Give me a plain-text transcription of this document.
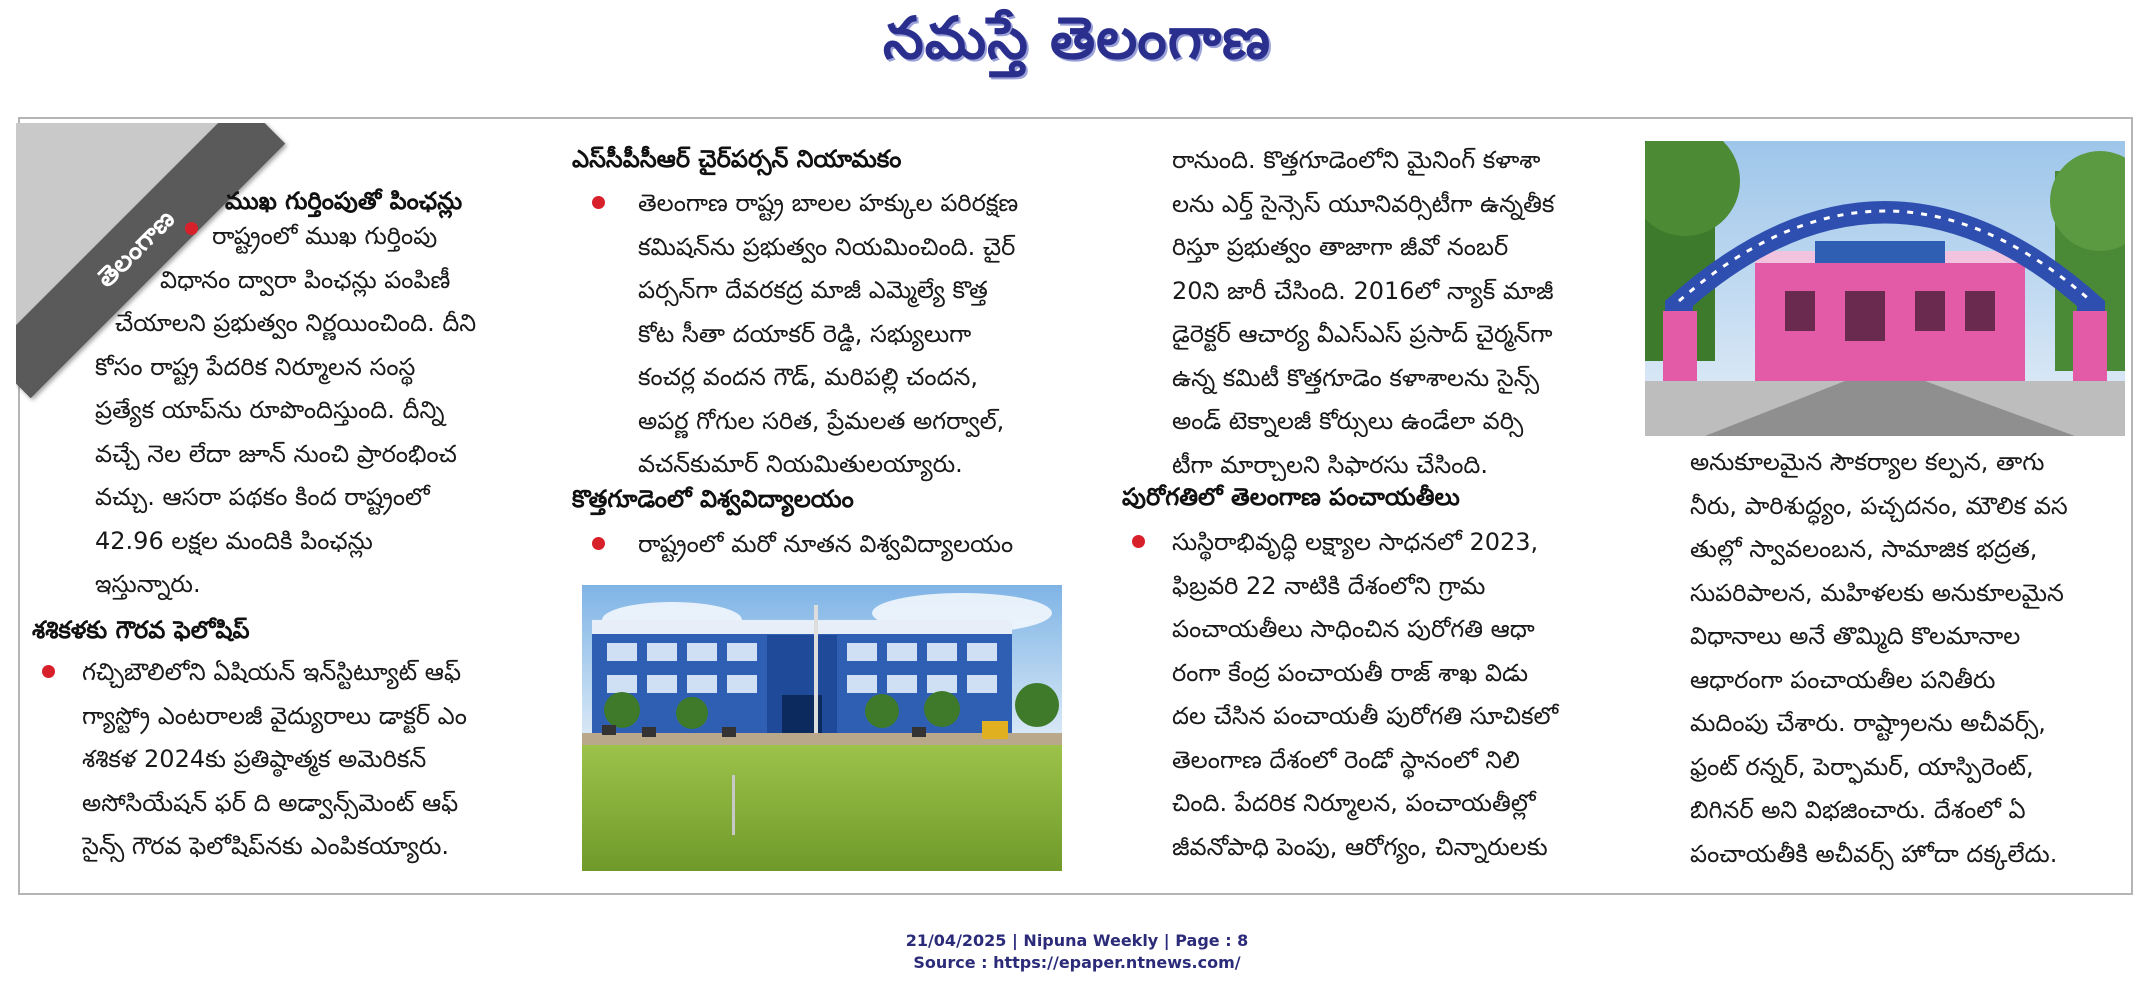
నమస్తే తెలంగాణ
తెలంగాణ
ముఖ గుర్తింపుతో పింఛన్లు
రాష్ట్రంలో ముఖ గుర్తింపు
విధానం ద్వారా పింఛన్లు పంపిణీ
చేయాలని ప్రభుత్వం నిర్ణయించింది. దీని
కోసం రాష్ట్ర పేదరిక నిర్మూలన సంస్థ
ప్రత్యేక యాప్‌ను రూపొందిస్తుంది. దీన్ని
వచ్చే నెల లేదా జూన్ నుంచి ప్రారంభించ
వచ్చు. ఆసరా పథకం కింద రాష్ట్రంలో
42.96 లక్షల మందికి పింఛన్లు
ఇస్తున్నారు.
శశికళకు గౌరవ ఫెలోషిప్
గచ్చిబౌలిలోని ఏషియన్ ఇన్‌స్టిట్యూట్ ఆఫ్
గ్యాస్ట్రో ఎంటరాలజీ వైద్యురాలు డాక్టర్ ఎం
శశికళ 2024కు ప్రతిష్ఠాత్మక అమెరికన్
అసోసియేషన్ ఫర్ ది అడ్వాన్స్‌మెంట్ ఆఫ్
సైన్స్ గౌరవ ఫెలోషిప్‌నకు ఎంపికయ్యారు.
ఎస్‌సీపీసీఆర్ చైర్‌పర్సన్ నియామకం
తెలంగాణ రాష్ట్ర బాలల హక్కుల పరిరక్షణ
కమిషన్‌ను ప్రభుత్వం నియమించింది. చైర్
పర్సన్‌గా దేవరకద్ర మాజీ ఎమ్మెల్యే కొత్త
కోట సీతా దయాకర్ రెడ్డి, సభ్యులుగా
కంచర్ల వందన గౌడ్, మరిపల్లి చందన,
అపర్ణ గోగుల సరిత, ప్రేమలత అగర్వాల్,
వచన్‌కుమార్ నియమితులయ్యారు.
కొత్తగూడెంలో విశ్వవిద్యాలయం
రాష్ట్రంలో మరో నూతన విశ్వవిద్యాలయం
రానుంది. కొత్తగూడెంలోని మైనింగ్ కళాశా
లను ఎర్త్ సైన్సెస్ యూనివర్సిటీగా ఉన్నతీక
రిస్తూ ప్రభుత్వం తాజాగా జీవో నంబర్
20ని జారీ చేసింది. 2016లో న్యాక్ మాజీ
డైరెక్టర్ ఆచార్య వీఎస్ఎస్ ప్రసాద్ చైర్మన్‌గా
ఉన్న కమిటీ కొత్తగూడెం కళాశాలను సైన్స్
అండ్ టెక్నాలజీ కోర్సులు ఉండేలా వర్సి
టీగా మార్చాలని సిఫారసు చేసింది.
పురోగతిలో తెలంగాణ పంచాయతీలు
సుస్థిరాభివృద్ధి లక్ష్యాల సాధనలో 2023,
ఫిబ్రవరి 22 నాటికి దేశంలోని గ్రామ
పంచాయతీలు సాధించిన పురోగతి ఆధా
రంగా కేంద్ర పంచాయతీ రాజ్ శాఖ విడు
దల చేసిన పంచాయతీ పురోగతి సూచికలో
తెలంగాణ దేశంలో రెండో స్థానంలో నిలి
చింది. పేదరిక నిర్మూలన, పంచాయతీల్లో
జీవనోపాధి పెంపు, ఆరోగ్యం, చిన్నారులకు
అనుకూలమైన సౌకర్యాల కల్పన, తాగు
నీరు, పారిశుద్ధ్యం, పచ్చదనం, మౌలిక వస
తుల్లో స్వావలంబన, సామాజిక భద్రత,
సుపరిపాలన, మహిళలకు అనుకూలమైన
విధానాలు అనే తొమ్మిది కొలమానాల
ఆధారంగా పంచాయతీల పనితీరు
మదింపు చేశారు. రాష్ట్రాలను అచీవర్స్,
ఫ్రంట్ రన్నర్, పెర్ఫామర్, యాస్పిరెంట్,
బిగినర్ అని విభజించారు. దేశంలో ఏ
పంచాయతీకి అచీవర్స్ హోదా దక్కలేదు.
21/04/2025 | Nipuna Weekly | Page : 8
Source : https://epaper.ntnews.com/
